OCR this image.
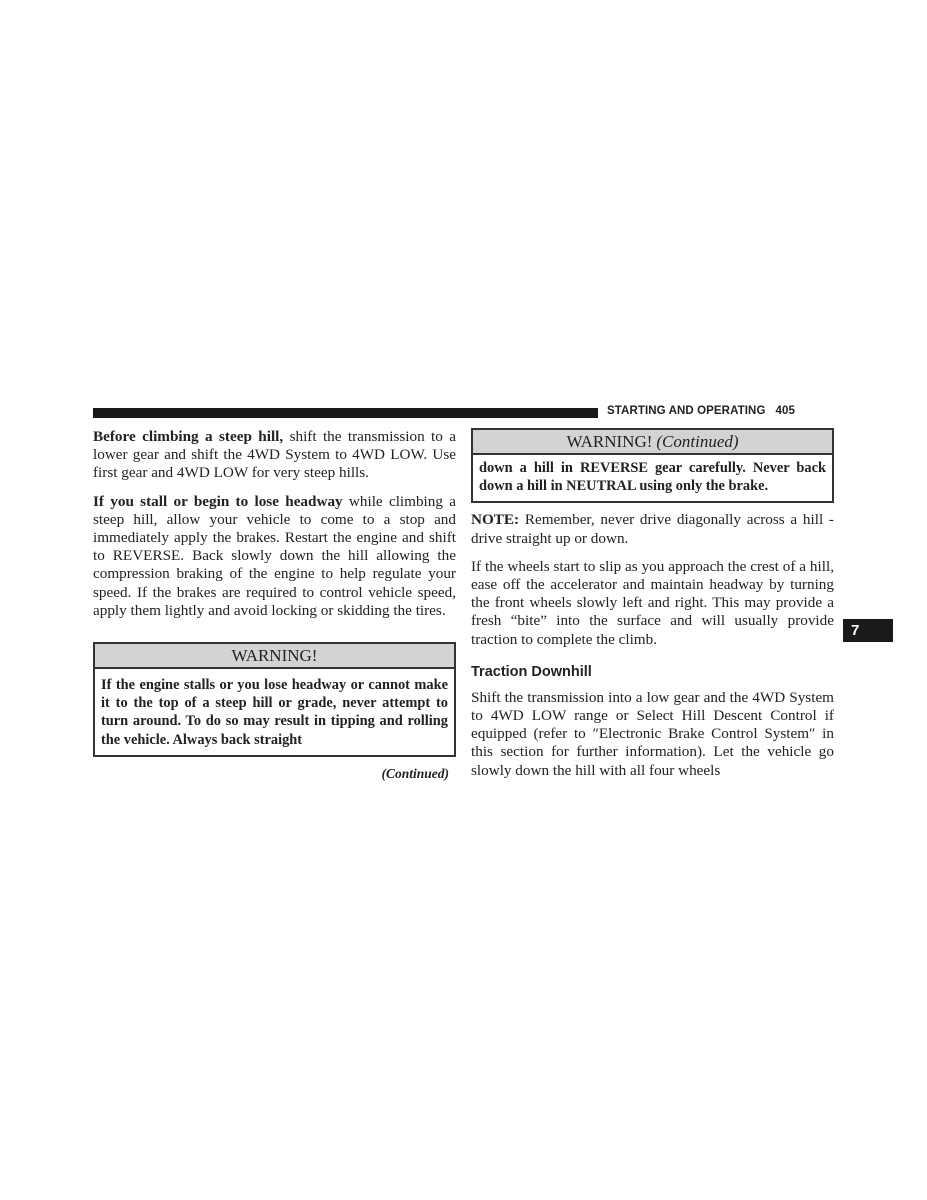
STARTING AND OPERATING 405

Before climbing a steep hill, shift the transmission to a lower gear and shift the 4WD System to 4WD LOW. Use first gear and 4WD LOW for very steep hills.

If you stall or begin to lose headway while climbing a steep hill, allow your vehicle to come to a stop and immediately apply the brakes. Restart the engine and shift to REVERSE. Back slowly down the hill allowing the compression braking of the engine to help regulate your speed. If the brakes are required to control vehicle speed, apply them lightly and avoid locking or skidding the tires.

WARNING!
If the engine stalls or you lose headway or cannot make it to the top of a steep hill or grade, never attempt to turn around. To do so may result in tipping and rolling the vehicle. Always back straight
(Continued)
WARNING! (Continued)
down a hill in REVERSE gear carefully. Never back down a hill in NEUTRAL using only the brake.

NOTE: Remember, never drive diagonally across a hill - drive straight up or down.

If the wheels start to slip as you approach the crest of a hill, ease off the accelerator and maintain headway by turning the front wheels slowly left and right. This may provide a fresh “bite” into the surface and will usually provide traction to complete the climb.

Traction Downhill

Shift the transmission into a low gear and the 4WD System to 4WD LOW range or Select Hill Descent Control if equipped (refer to ″Electronic Brake Control System″ in this section for further information). Let the vehicle go slowly down the hill with all four wheels

7
